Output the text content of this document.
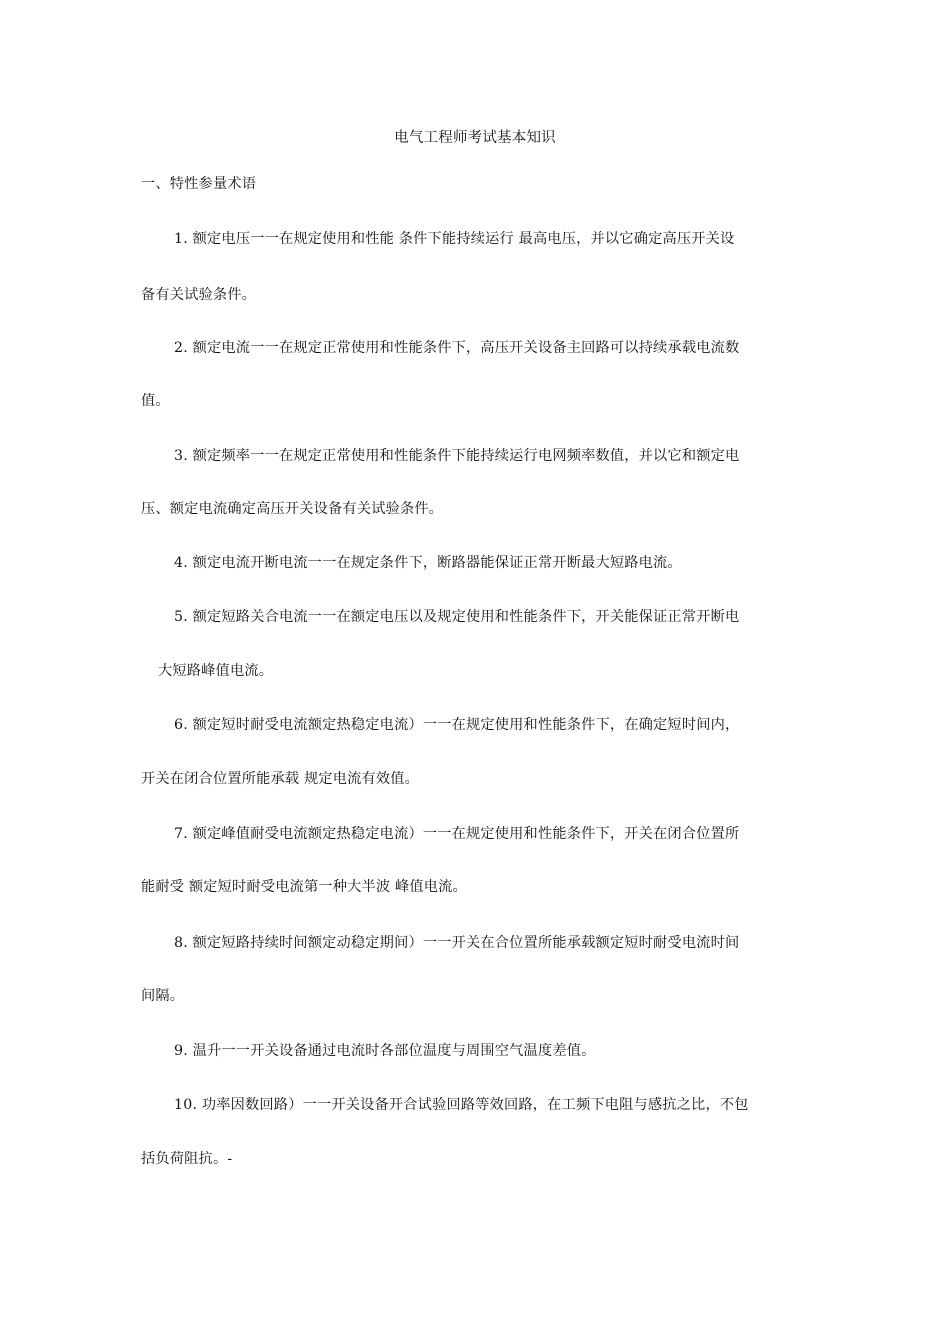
电气工程师考试基本知识
一、特性参量术语
1. 额定电压一一在规定使用和性能 条件下能持续运行 最高电压，并以它确定高压开关设
备有关试验条件。
2. 额定电流一一在规定正常使用和性能条件下，高压开关设备主回路可以持续承载电流数
值。
3. 额定频率一一在规定正常使用和性能条件下能持续运行电网频率数值，并以它和额定电
压、额定电流确定高压开关设备有关试验条件。
4. 额定电流开断电流一一在规定条件下，断路器能保证正常开断最大短路电流。
5. 额定短路关合电流一一在额定电压以及规定使用和性能条件下，开关能保证正常开断电
大短路峰值电流。
6. 额定短时耐受电流额定热稳定电流）一一在规定使用和性能条件下，在确定短时间内，
开关在闭合位置所能承载 规定电流有效值。
7. 额定峰值耐受电流额定热稳定电流）一一在规定使用和性能条件下，开关在闭合位置所
能耐受 额定短时耐受电流第一种大半波 峰值电流。
8. 额定短路持续时间额定动稳定期间）一一开关在合位置所能承载额定短时耐受电流时间
间隔。
9. 温升一一开关设备通过电流时各部位温度与周围空气温度差值。
10. 功率因数回路）一一开关设备开合试验回路等效回路，在工频下电阻与感抗之比，不包
括负荷阻抗。-
